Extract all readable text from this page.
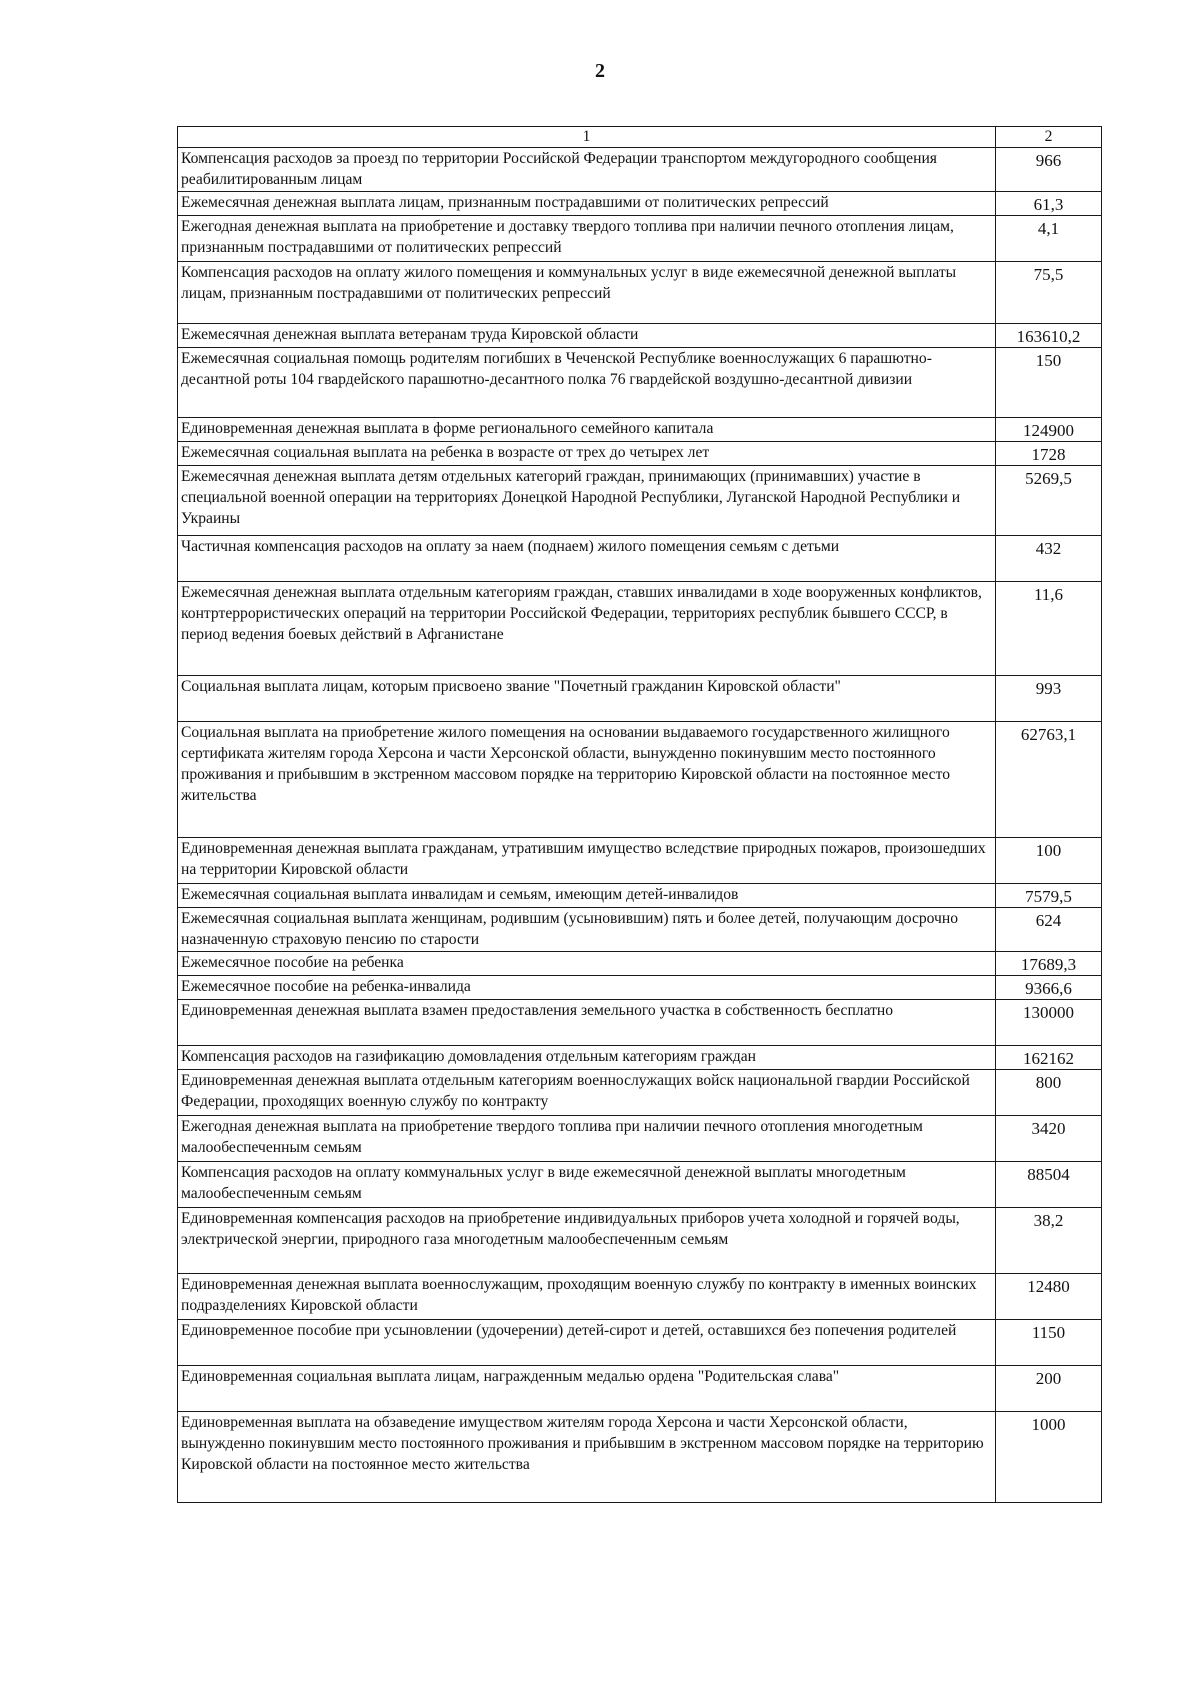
2
1	2
Компенсация расходов за проезд по территории Российской Федерации транспортом междугородного сообщения реабилитированным лицам	966
Ежемесячная денежная выплата лицам, признанным пострадавшими от политических репрессий	61,3
Ежегодная денежная выплата на приобретение и доставку твердого топлива при наличии печного отопления лицам, признанным пострадавшими от политических репрессий	4,1
Компенсация расходов на оплату жилого помещения и коммунальных услуг в виде ежемесячной денежной выплаты лицам, признанным пострадавшими от политических репрессий	75,5
Ежемесячная денежная выплата ветеранам труда Кировской области	163610,2
Ежемесячная социальная помощь родителям погибших в Чеченской Республике военнослужащих 6 парашютно-десантной роты 104 гвардейского парашютно-десантного полка 76 гвардейской воздушно-десантной дивизии	150
Единовременная денежная выплата в форме регионального семейного капитала	124900
Ежемесячная социальная выплата на ребенка в возрасте от трех до четырех лет	1728
Ежемесячная денежная выплата детям отдельных категорий граждан, принимающих (принимавших) участие в специальной военной операции на территориях Донецкой Народной Республики, Луганской Народной Республики и Украины	5269,5
Частичная компенсация расходов на оплату за наем (поднаем) жилого помещения семьям с детьми	432
Ежемесячная денежная выплата отдельным категориям граждан, ставших инвалидами в ходе вооруженных конфликтов, контртеррористических операций на территории Российской Федерации, территориях республик бывшего СССР, в период ведения боевых действий в Афганистане	11,6
Социальная выплата лицам, которым присвоено звание "Почетный гражданин Кировской области"	993
Социальная выплата на приобретение жилого помещения на основании выдаваемого государственного жилищного сертификата жителям города Херсона и части Херсонской области, вынужденно покинувшим место постоянного проживания и прибывшим в экстренном массовом порядке на территорию Кировской области на постоянное место жительства	62763,1
Единовременная денежная выплата гражданам, утратившим имущество вследствие природных пожаров, произошедших на территории Кировской области	100
Ежемесячная социальная выплата инвалидам и семьям, имеющим детей-инвалидов	7579,5
Ежемесячная социальная выплата женщинам, родившим (усыновившим) пять и более детей, получающим досрочно назначенную страховую пенсию по старости	624
Ежемесячное пособие на ребенка	17689,3
Ежемесячное пособие на ребенка-инвалида	9366,6
Единовременная денежная выплата взамен предоставления земельного участка в собственность бесплатно	130000
Компенсация расходов на газификацию домовладения отдельным категориям граждан	162162
Единовременная денежная выплата отдельным категориям военнослужащих войск национальной гвардии Российской Федерации, проходящих военную службу по контракту	800
Ежегодная денежная выплата на приобретение твердого топлива при наличии печного отопления многодетным малообеспеченным семьям	3420
Компенсация расходов на оплату коммунальных услуг в виде ежемесячной денежной выплаты многодетным малообеспеченным семьям	88504
Единовременная компенсация расходов на приобретение индивидуальных приборов учета холодной и горячей воды, электрической энергии, природного газа многодетным малообеспеченным семьям	38,2
Единовременная денежная выплата военнослужащим, проходящим военную службу по контракту в именных воинских подразделениях Кировской области	12480
Единовременное пособие при усыновлении (удочерении) детей-сирот и детей, оставшихся без попечения родителей	1150
Единовременная социальная выплата лицам, награжденным медалью ордена "Родительская слава"	200
Единовременная выплата на обзаведение имуществом жителям города Херсона и части Херсонской области, вынужденно покинувшим место постоянного проживания и прибывшим в экстренном массовом порядке на территорию Кировской области на постоянное место жительства	1000
